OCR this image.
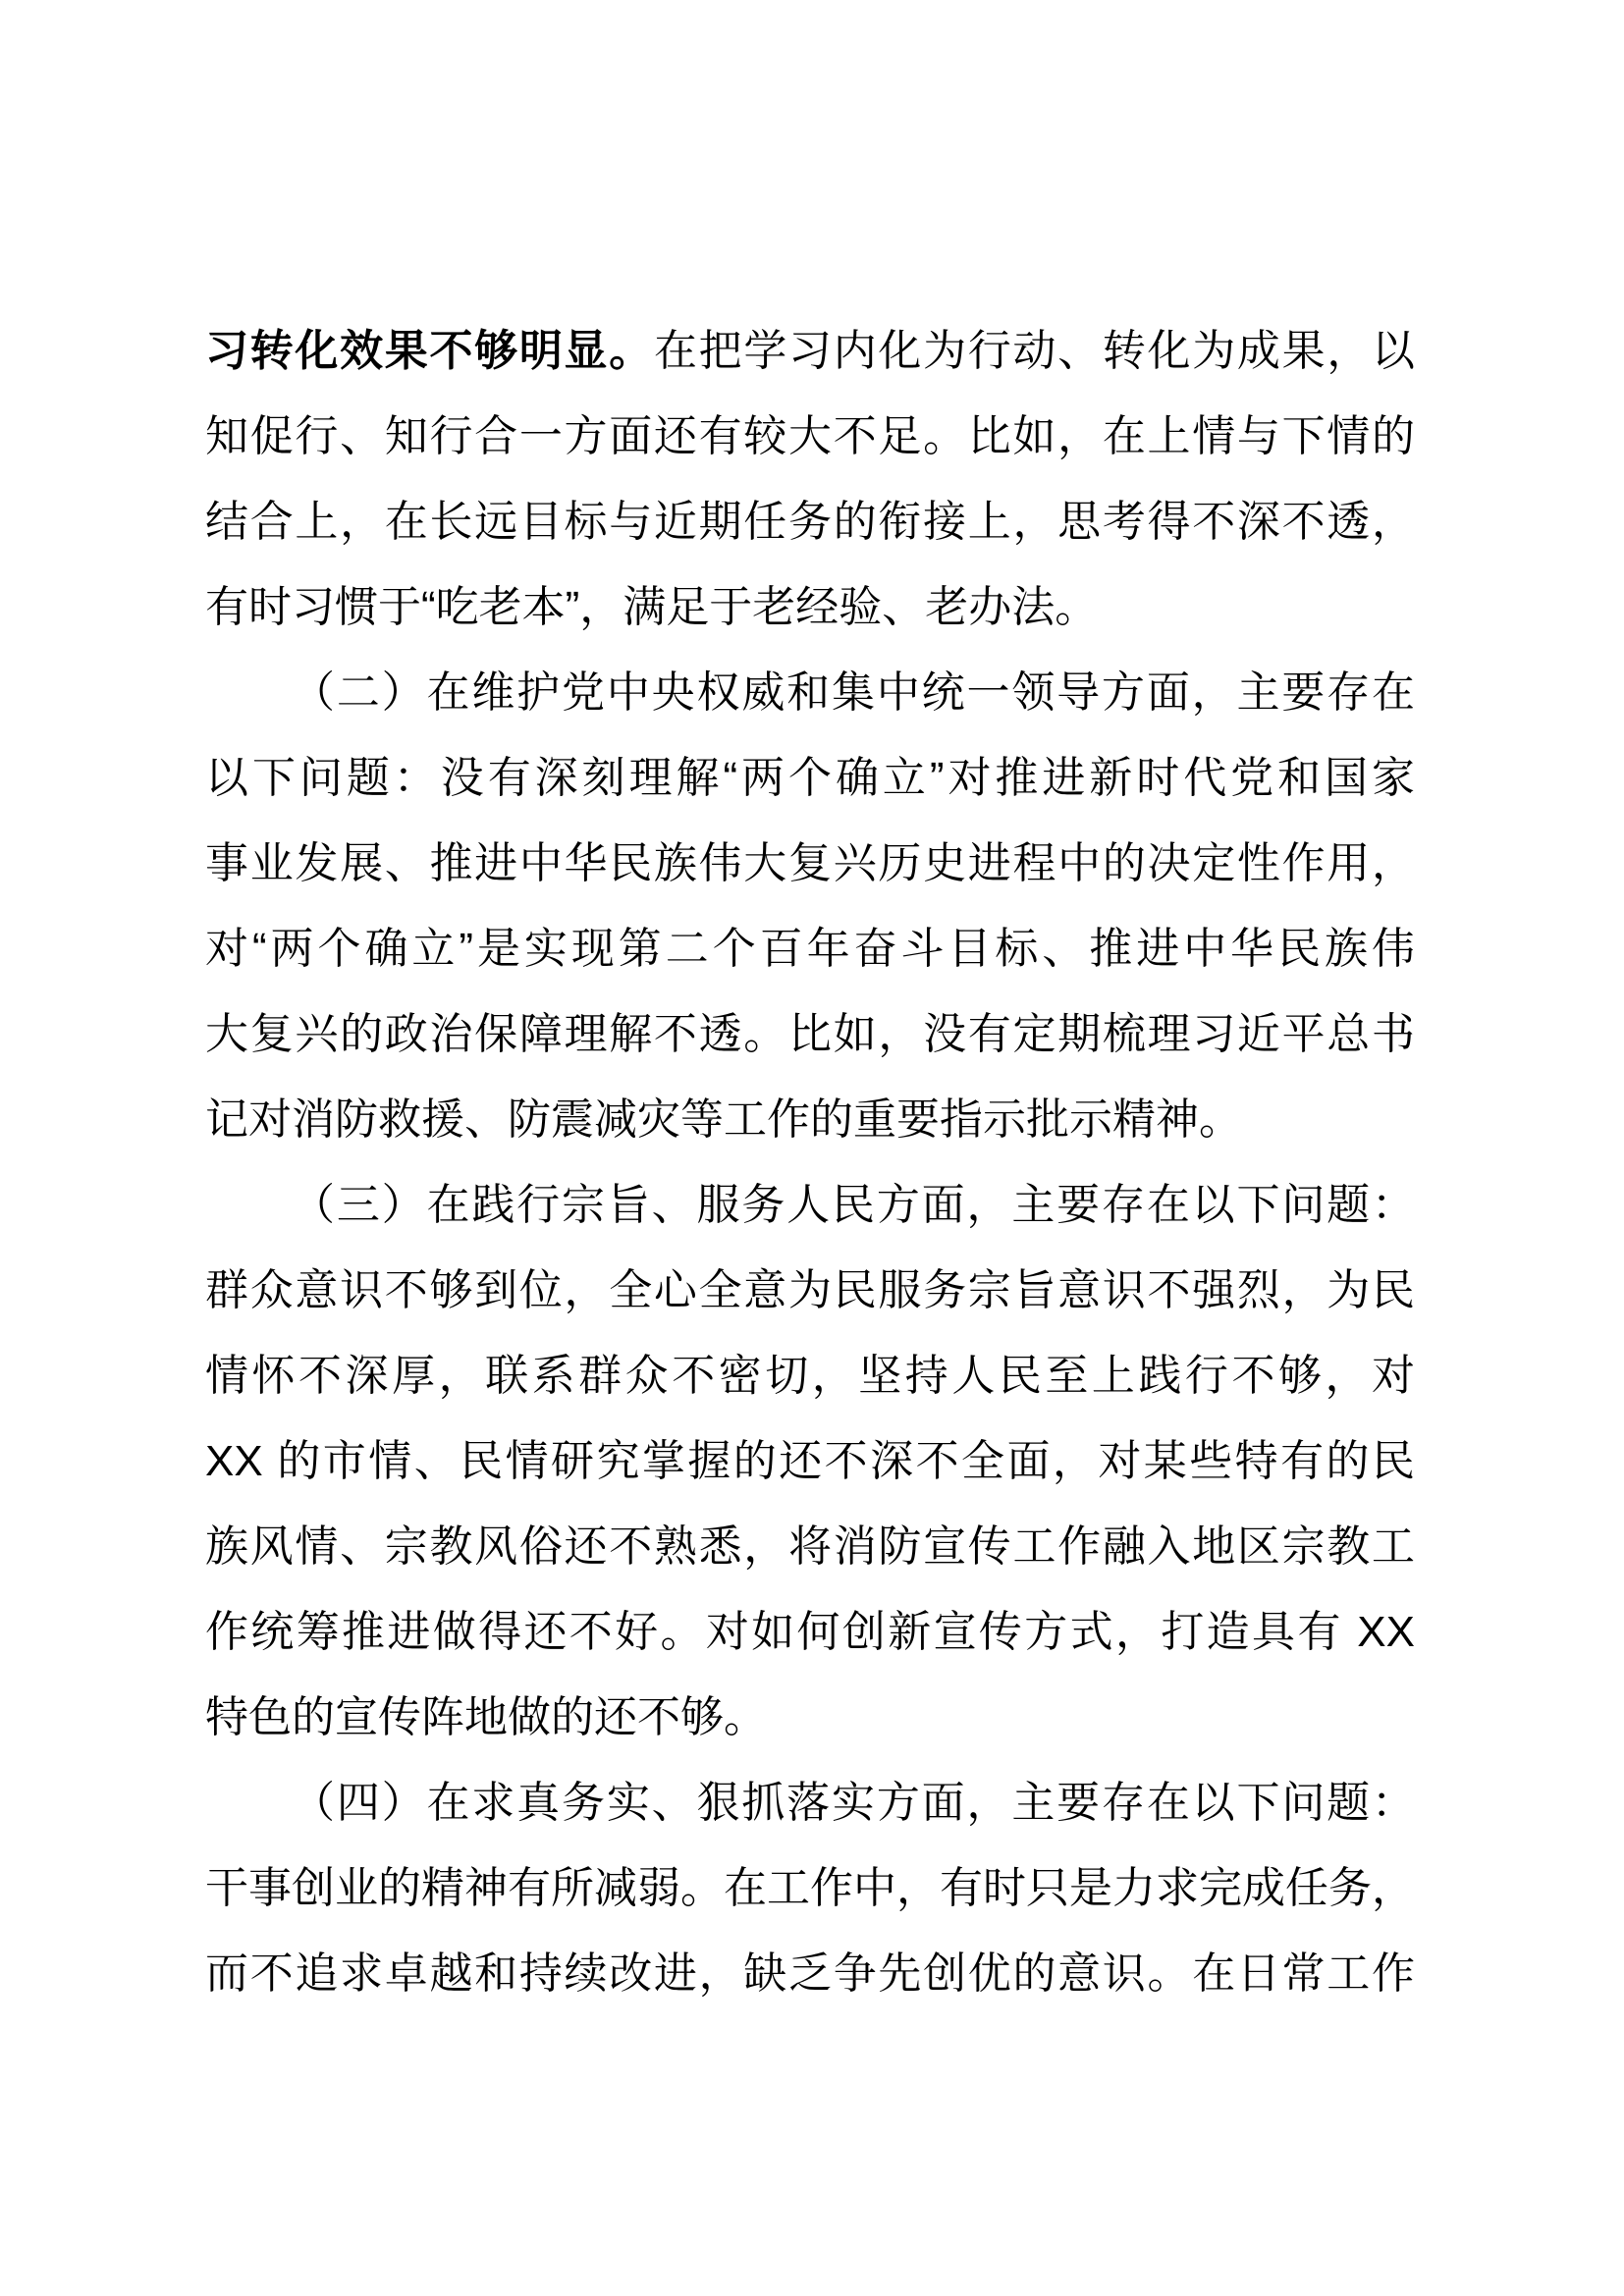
习转化效果不够明显。在把学习内化为行动、转化为成果，以
知促行、知行合一方面还有较大不足。比如，在上情与下情的
结合上，在长远目标与近期任务的衔接上，思考得不深不透，
有时习惯于“吃老本”，满足于老经验、老办法。
（二）在维护党中央权威和集中统一领导方面，主要存在
以下问题：没有深刻理解“两个确立”对推进新时代党和国家
事业发展、推进中华民族伟大复兴历史进程中的决定性作用，
对“两个确立”是实现第二个百年奋斗目标、推进中华民族伟
大复兴的政治保障理解不透。比如，没有定期梳理习近平总书
记对消防救援、防震减灾等工作的重要指示批示精神。
（三）在践行宗旨、服务人民方面，主要存在以下问题：
群众意识不够到位，全心全意为民服务宗旨意识不强烈，为民
情怀不深厚，联系群众不密切，坚持人民至上践行不够，对
XX 的市情、民情研究掌握的还不深不全面，对某些特有的民
族风情、宗教风俗还不熟悉，将消防宣传工作融入地区宗教工
作统筹推进做得还不好。对如何创新宣传方式，打造具有 XX
特色的宣传阵地做的还不够。
（四）在求真务实、狠抓落实方面，主要存在以下问题：
干事创业的精神有所减弱。在工作中，有时只是力求完成任务，
而不追求卓越和持续改进，缺乏争先创优的意识。在日常工作
